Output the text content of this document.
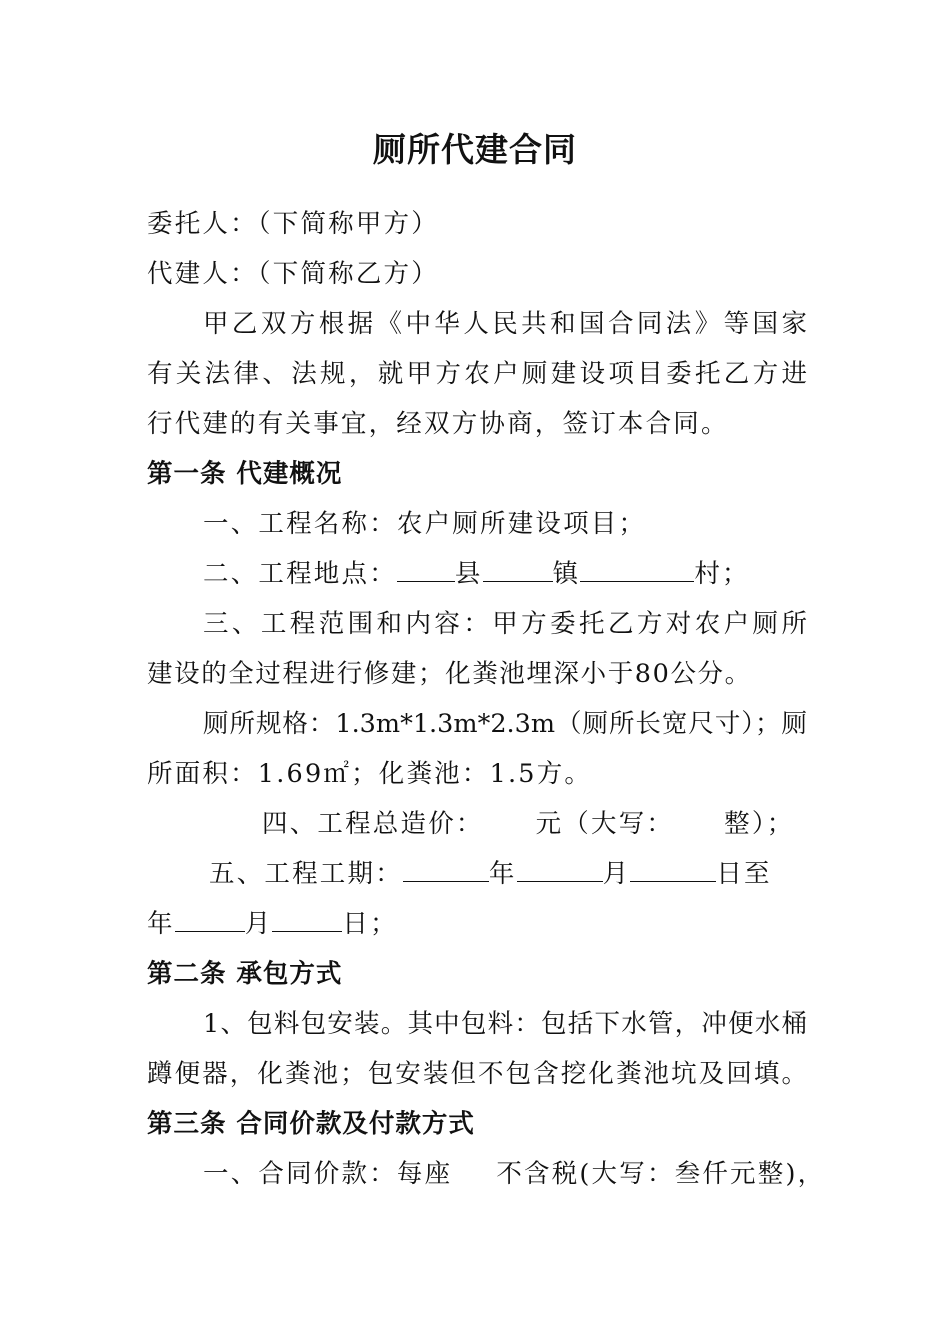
厕所代建合同
委托人：（下简称甲方）
代建人：（下简称乙方）
甲乙双方根据《中华人民共和国合同法》等国家
有关法律、法规，就甲方农户厕建设项目委托乙方进
行代建的有关事宜，经双方协商，签订本合同。
第一条 代建概况
一、工程名称：农户厕所建设项目；
二、工程地点： 县	镇	村；
三、工程范围和内容：甲方委托乙方对农户厕所
建设的全过程进行修建；化粪池埋深小于80公分。
厕所规格：1.3m*1.3m*2.3m（厕所长宽尺寸）；厕
所面积：1.69㎡；化粪池：1.5方。
四、工程总造价： 元（大写： 整）；
五、工程工期：	年	月	日至
年	月	日；
第二条 承包方式
1、包料包安装。其中包料：包括下水管，冲便水桶
蹲便器，化粪池；包安装但不包含挖化粪池坑及回填。
第三条 合同价款及付款方式
一、合同价款：每座 不含税(大写：叁仟元整)，
